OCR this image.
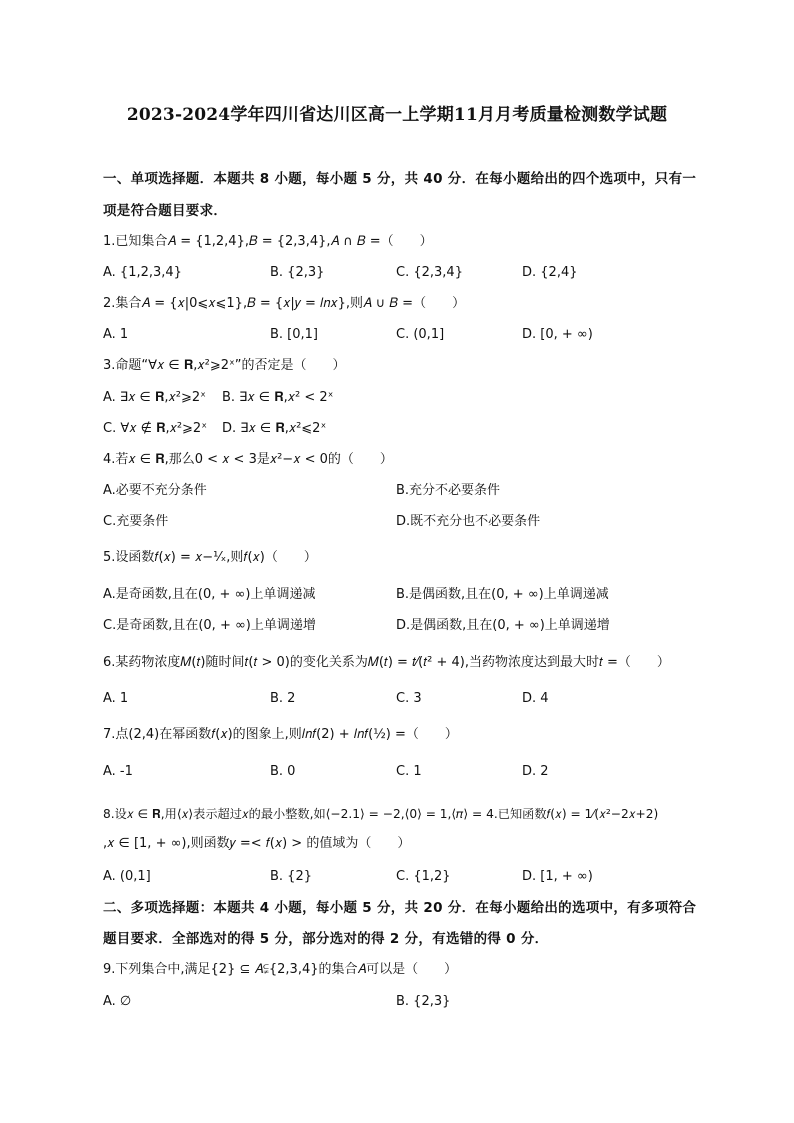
2023-2024学年四川省达川区高一上学期11月月考质量检测数学试题
一、单项选择题．本题共 8 小题，每小题 5 分，共 40 分．在每小题给出的四个选项中，只有一
项是符合题目要求．
1.已知集合𝐴 = {1,2,4},𝐵 = {2,3,4},𝐴 ∩ 𝐵 =（　　）
A. {1,2,3,4}	B. {2,3}	C. {2,3,4}	D. {2,4}
2.集合𝐴 = {𝑥|0⩽𝑥⩽1},𝐵 = {𝑥|𝑦 = 𝑙𝑛𝑥},则𝐴 ∪ 𝐵 =（　　）
A. 1	B. [0,1]	C. (0,1]	D. [0, + ∞)
3.命题“∀𝑥 ∈ 𝐑,𝑥²⩾2ˣ”的否定是（　　）
A. ∃𝑥 ∈ 𝐑,𝑥²⩾2ˣ B. ∃𝑥 ∈ 𝐑,𝑥² < 2ˣ
C. ∀𝑥 ∉ 𝐑,𝑥²⩾2ˣ D. ∃𝑥 ∈ 𝐑,𝑥²⩽2ˣ
4.若𝑥 ∈ 𝐑,那么0 < 𝑥 < 3是𝑥²−𝑥 < 0的（　　）
A.必要不充分条件	B.充分不必要条件
C.充要条件	D.既不充分也不必要条件
5.设函数𝑓(𝑥) = 𝑥−¹⁄ₓ,则𝑓(𝑥)（　　）
A.是奇函数,且在(0, + ∞)上单调递减	B.是偶函数,且在(0, + ∞)上单调递减
C.是奇函数,且在(0, + ∞)上单调递增	D.是偶函数,且在(0, + ∞)上单调递增
6.某药物浓度𝑀(𝑡)随时间𝑡(𝑡 > 0)的变化关系为𝑀(𝑡) = 𝑡⁄(𝑡² + 4),当药物浓度达到最大时𝑡 =（　　）
A. 1	B. 2	C. 3	D. 4
7.点(2,4)在幂函数𝑓(𝑥)的图象上,则𝑙𝑛𝑓(2) + 𝑙𝑛𝑓(½) =（　　）
A. -1	B. 0	C. 1	D. 2
8.设𝑥 ∈ 𝐑,用⟨𝑥⟩表示超过𝑥的最小整数,如⟨−2.1⟩ = −2,⟨0⟩ = 1,⟨𝜋⟩ = 4.已知函数𝑓(𝑥) = 1⁄(𝑥²−2𝑥+2)
,𝑥 ∈ [1, + ∞),则函数𝑦 =< 𝑓(𝑥) > 的值域为（　　）
A. (0,1]	B. {2}	C. {1,2}	D. [1, + ∞)
二、多项选择题：本题共 4 小题，每小题 5 分，共 20 分．在每小题给出的选项中，有多项符合
题目要求．全部选对的得 5 分，部分选对的得 2 分，有选错的得 0 分．
9.下列集合中,满足{2} ⊆ 𝐴⫋{2,3,4}的集合𝐴可以是（　　）
A. ∅	B. {2,3}
